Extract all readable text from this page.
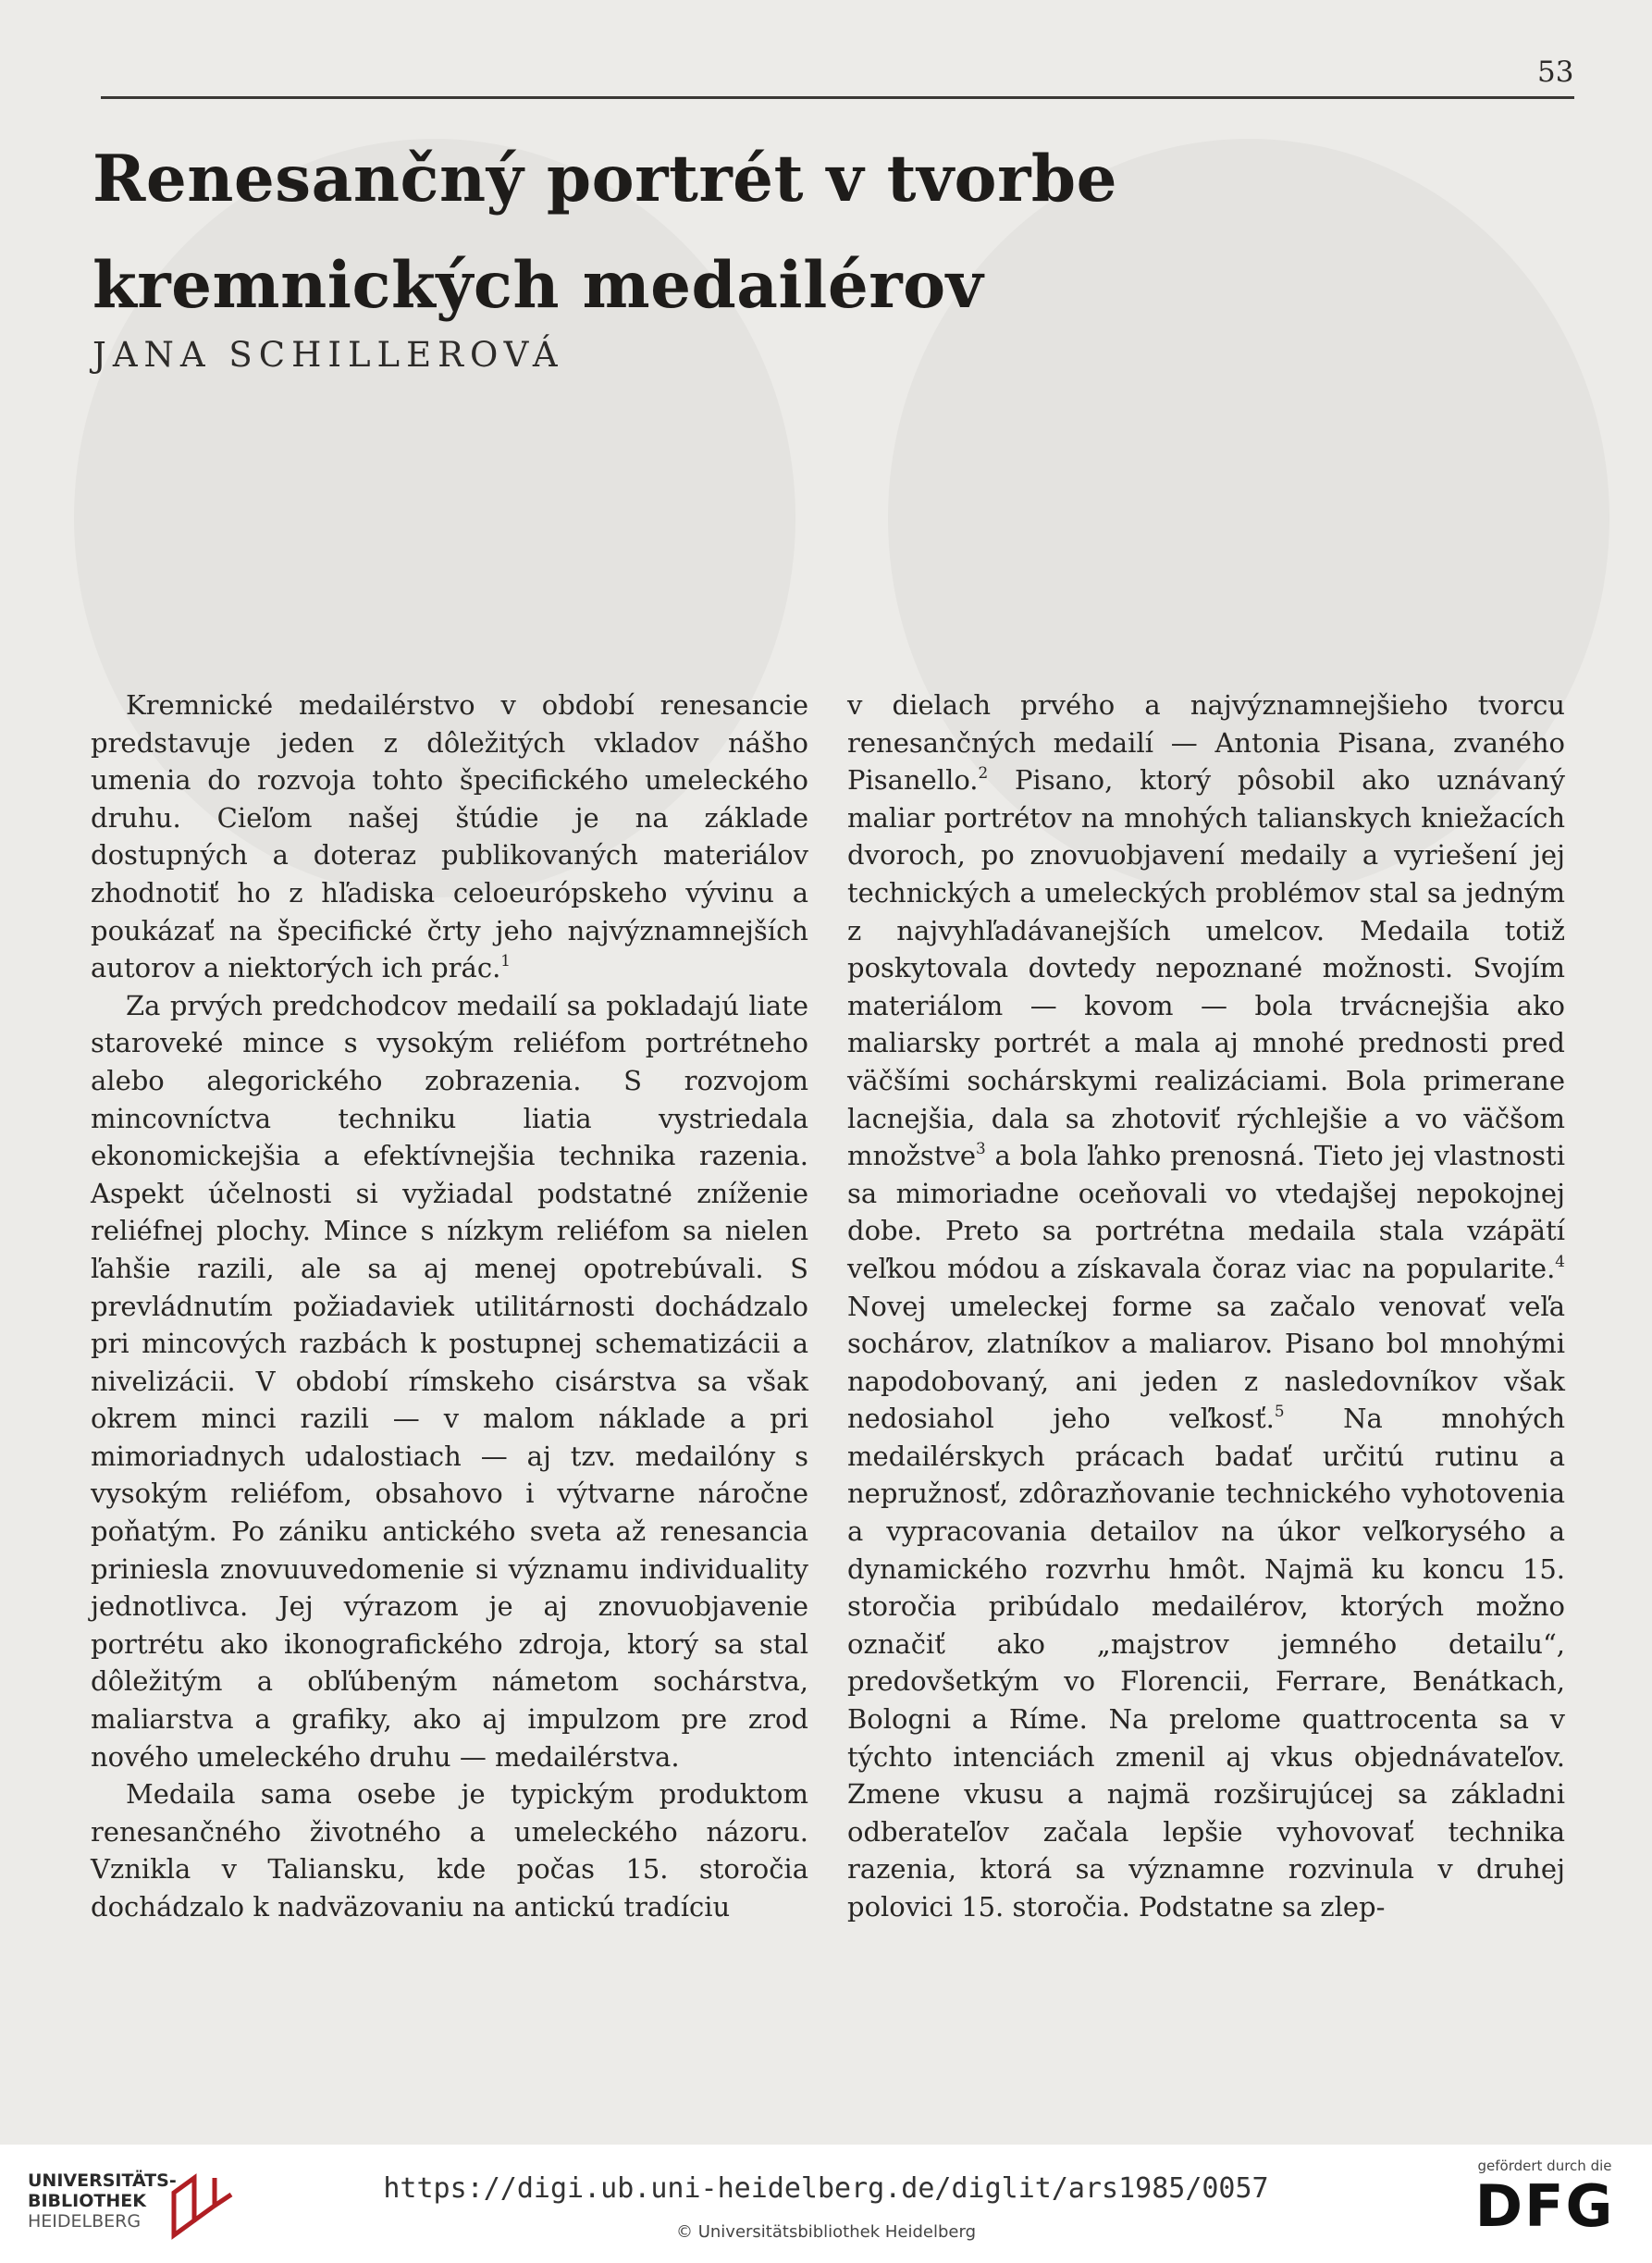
53
Renesančný portrét v tvorbe
kremnických medailérov
JANA SCHILLEROVÁ

Kremnické medailérstvo v období renesancie predstavuje jeden z dôležitých vkladov nášho umenia do rozvoja tohto špecifického umeleckého druhu. Cieľom našej štúdie je na základe dostupných a doteraz publikovaných materiálov zhodnotiť ho z hľadiska celoeurópskeho vývinu a poukázať na špecifické črty jeho najvýznamnejších autorov a niektorých ich prác.$^1$

Za prvých predchodcov medailí sa pokladajú liate staroveké mince s vysokým reliéfom portrétneho alebo alegorického zobrazenia. S rozvojom mincovníctva techniku liatia vystriedala ekonomickejšia a efektívnejšia technika razenia. Aspekt účelnosti si vyžiadal podstatné zníženie reliéfnej plochy. Mince s nízkym reliéfom sa nielen ľahšie razili, ale sa aj menej opotrebúvali. S prevládnutím požiadaviek utilitárnosti dochádzalo pri mincových razbách k postupnej schematizácii a nivelizácii. V období rímskeho cisárstva sa však okrem minci razili — v malom náklade a pri mimoriadnych udalostiach — aj tzv. medailóny s vysokým reliéfom, obsahovo i výtvarne náročne poňatým. Po zániku antického sveta až renesancia priniesla znovuuvedomenie si významu individuality jednotlivca. Jej výrazom je aj znovuobjavenie portrétu ako ikonografického zdroja, ktorý sa stal dôležitým a obľúbeným námetom sochárstva, maliarstva a grafiky, ako aj impulzom pre zrod nového umeleckého druhu — medailérstva.

Medaila sama osebe je typickým produktom renesančného životného a umeleckého názoru. Vznikla v Taliansku, kde počas 15. storočia dochádzalo k nadväzovaniu na antickú tradíciu

v dielach prvého a najvýznamnejšieho tvorcu renesančných medailí — Antonia Pisana, zvaného Pisanello.$^2$ Pisano, ktorý pôsobil ako uznávaný maliar portrétov na mnohých talianskych kniežacích dvoroch, po znovuobjavení medaily a vyriešení jej technických a umeleckých problémov stal sa jedným z najvyhľadávanejších umelcov. Medaila totiž poskytovala dovtedy nepoznané možnosti. Svojím materiálom — kovom — bola trvácnejšia ako maliarsky portrét a mala aj mnohé prednosti pred väčšími sochárskymi realizáciami. Bola primerane lacnejšia, dala sa zhotoviť rýchlejšie a vo väčšom množstve$^3$ a bola ľahko prenosná. Tieto jej vlastnosti sa mimoriadne oceňovali vo vtedajšej nepokojnej dobe. Preto sa portrétna medaila stala vzápätí veľkou módou a získavala čoraz viac na popularite.$^4$ Novej umeleckej forme sa začalo venovať veľa sochárov, zlatníkov a maliarov. Pisano bol mnohými napodobovaný, ani jeden z nasledovníkov však nedosiahol jeho veľkosť.$^5$ Na mnohých medailérskych prácach badať určitú rutinu a nepružnosť, zdôrazňovanie technického vyhotovenia a vypracovania detailov na úkor veľkorysého a dynamického rozvrhu hmôt. Najmä ku koncu 15. storočia pribúdalo medailérov, ktorých možno označiť ako „majstrov jemného detailu“, predovšetkým vo Florencii, Ferrare, Benátkach, Bologni a Ríme. Na prelome quattrocenta sa v týchto intenciách zmenil aj vkus objednávateľov. Zmene vkusu a najmä rozširujúcej sa základni odberateľov začala lepšie vyhovovať technika razenia, ktorá sa významne rozvinula v druhej polovici 15. storočia. Podstatne sa zlep-

UNIVERSITÄTS-
BIBLIOTHEK
HEIDELBERG
https://digi.ub.uni-heidelberg.de/diglit/ars1985/0057
© Universitätsbibliothek Heidelberg
gefördert durch die
DFG
